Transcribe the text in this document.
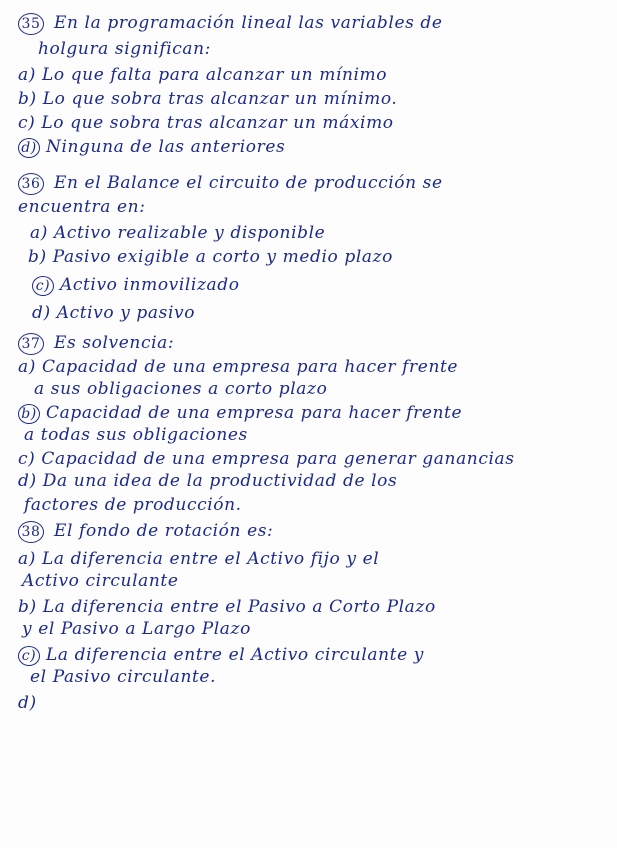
35 En la programación lineal las variables de
holgura significan:
a) Lo que falta para alcanzar un mínimo
b) Lo que sobra tras alcanzar un mínimo.
c) Lo que sobra tras alcanzar un máximo
d) Ninguna de las anteriores
36 En el Balance el circuito de producción se
encuentra en:
a) Activo realizable y disponible
b) Pasivo exigible a corto y medio plazo
c) Activo inmovilizado
d) Activo y pasivo
37 Es solvencia:
a) Capacidad de una empresa para hacer frente
a sus obligaciones a corto plazo
b) Capacidad de una empresa para hacer frente
a todas sus obligaciones
c) Capacidad de una empresa para generar ganancias
d) Da una idea de la productividad de los
factores de producción.
38 El fondo de rotación es:
a) La diferencia entre el Activo fijo y el
Activo circulante
b) La diferencia entre el Pasivo a Corto Plazo
y el Pasivo a Largo Plazo
c) La diferencia entre el Activo circulante y
el Pasivo circulante.
d)
